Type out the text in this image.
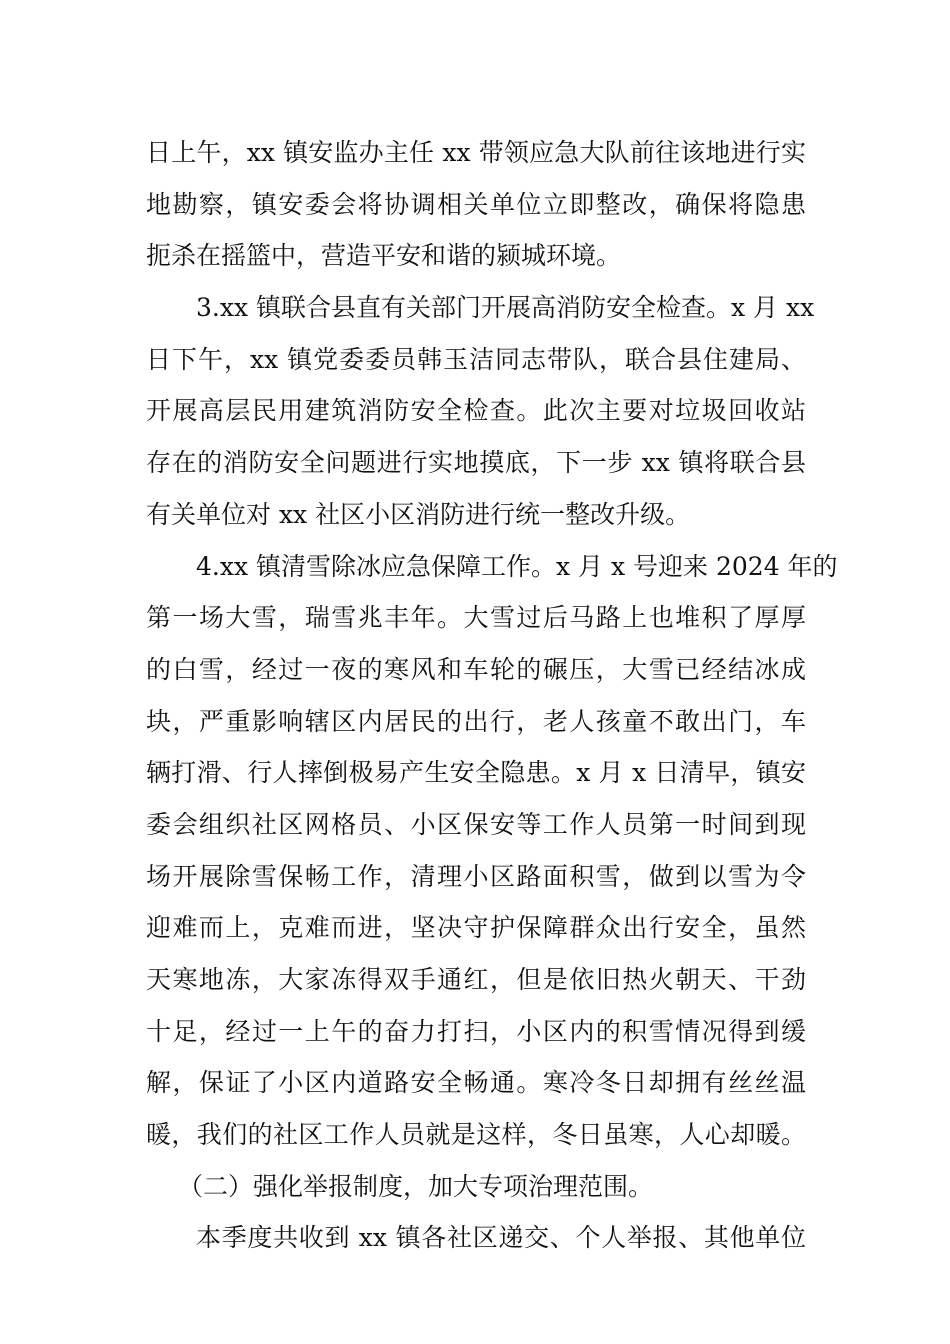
日上午，xx 镇安监办主任 xx 带领应急大队前往该地进行实
地勘察，镇安委会将协调相关单位立即整改，确保将隐患
扼杀在摇篮中，营造平安和谐的颍城环境。

3.xx 镇联合县直有关部门开展高消防安全检查。x 月 xx
日下午，xx 镇党委委员韩玉洁同志带队，联合县住建局、
开展高层民用建筑消防安全检查。此次主要对垃圾回收站
存在的消防安全问题进行实地摸底，下一步 xx 镇将联合县
有关单位对 xx 社区小区消防进行统一整改升级。

4.xx 镇清雪除冰应急保障工作。x 月 x 号迎来 2024 年的
第一场大雪，瑞雪兆丰年。大雪过后马路上也堆积了厚厚
的白雪，经过一夜的寒风和车轮的碾压，大雪已经结冰成
块，严重影响辖区内居民的出行，老人孩童不敢出门，车
辆打滑、行人摔倒极易产生安全隐患。x 月 x 日清早，镇安
委会组织社区网格员、小区保安等工作人员第一时间到现
场开展除雪保畅工作，清理小区路面积雪，做到以雪为令
迎难而上，克难而进，坚决守护保障群众出行安全，虽然
天寒地冻，大家冻得双手通红，但是依旧热火朝天、干劲
十足，经过一上午的奋力打扫，小区内的积雪情况得到缓
解，保证了小区内道路安全畅通。寒冷冬日却拥有丝丝温
暖，我们的社区工作人员就是这样，冬日虽寒，人心却暖。

（二）强化举报制度，加大专项治理范围。

本季度共收到 xx 镇各社区递交、个人举报、其他单位
